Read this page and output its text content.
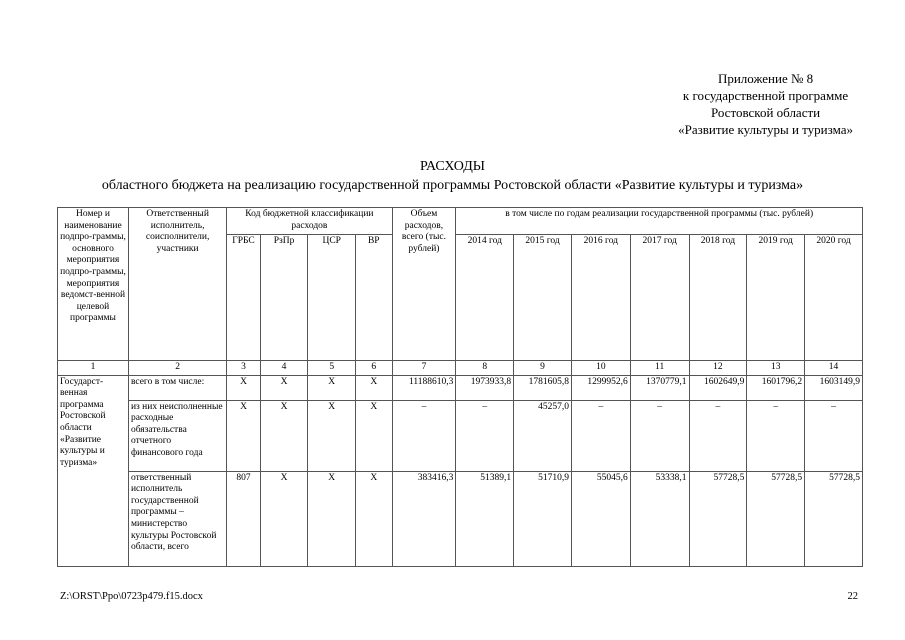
Приложение № 8
к государственной программе
Ростовской области
«Развитие культуры и туризма»
РАСХОДЫ
областного бюджета на реализацию государственной программы Ростовской области «Развитие культуры и туризма»
Номер и наименование подпро-граммы, основного мероприятия подпро-граммы, мероприятия ведомст-венной целевой программы	Ответственный исполнитель, соисполнители, участники	Код бюджетной классификации расходов				Объем расходов, всего (тыс. рублей)	в том числе по годам реализации государственной программы (тыс. рублей)						
		ГРБС	РзПр	ЦСР	ВР		2014 год	2015 год	2016 год	2017 год	2018 год	2019 год	2020 год
1	2	3	4	5	6	7	8	9	10	11	12	13	14
Государст-венная программа Ростовской области «Развитие культуры и туризма»	всего в том числе:	Х	Х	Х	Х	11188610,3	1973933,8	1781605,8	1299952,6	1370779,1	1602649,9	1601796,2	1603149,9
	из них неисполненные расходные обязательства отчетного финансового года	Х	Х	Х	Х	–	–	45257,0	–	–	–	–	–
	ответственный исполнитель государственной программы – министерство культуры Ростовской области, всего	807	Х	Х	Х	383416,3	51389,1	51710,9	55045,6	53338,1	57728,5	57728,5	57728,5
Z:\ORST\Ppo\0723p479.f15.docx	22
